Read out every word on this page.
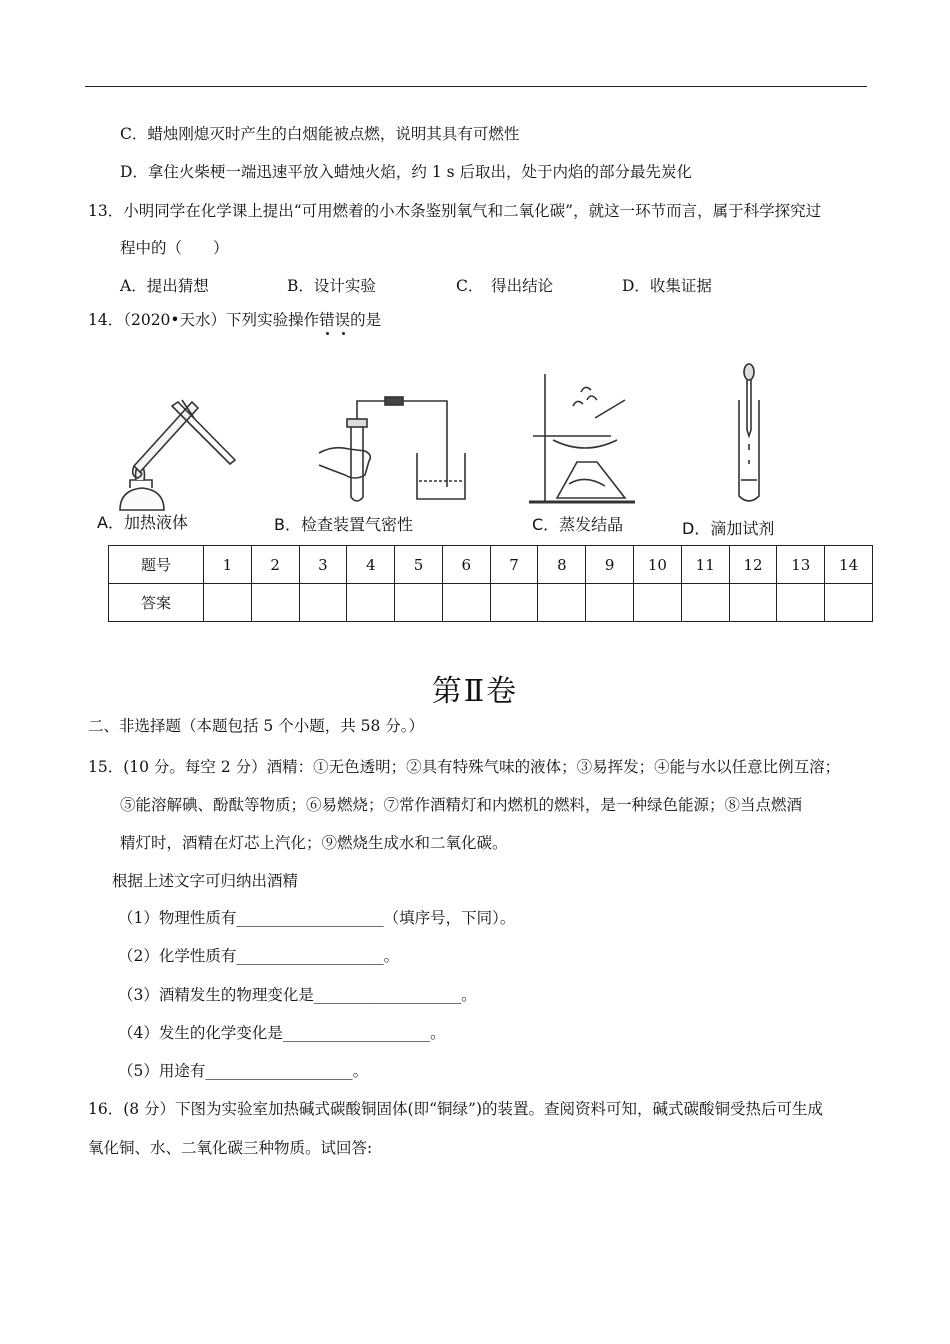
C．蜡烛刚熄灭时产生的白烟能被点燃，说明其具有可燃性
D．拿住火柴梗一端迅速平放入蜡烛火焰，约 1 s 后取出，处于内焰的部分最先炭化
13．小明同学在化学课上提出“可用燃着的小木条鉴别氧气和二氧化碳”，就这一环节而言，属于科学探究过
程中的（　　）
A．提出猜想	B．设计实验	C．　得出结论	D．收集证据
14．（2020•天水）下列实验操作错误的是
A．加热液体	B．检查装置气密性	C．蒸发结晶	D．滴加试剂
题号	1	2	3	4	5	6	7	8	9	10	11	12	13	14
答案														
第Ⅱ卷
二、非选择题（本题包括 5 个小题，共 58 分。）
15．(10 分。每空 2 分）酒精：①无色透明；②具有特殊气味的液体；③易挥发；④能与水以任意比例互溶；
⑤能溶解碘、酚酞等物质；⑥易燃烧；⑦常作酒精灯和内燃机的燃料，是一种绿色能源；⑧当点燃酒
精灯时，酒精在灯芯上汽化；⑨燃烧生成水和二氧化碳。
根据上述文字可归纳出酒精
（1）物理性质有___________________（填序号，下同）。
（2）化学性质有___________________。
（3）酒精发生的物理变化是___________________。
（4）发生的化学变化是___________________。
（5）用途有___________________。
16．(8 分）下图为实验室加热碱式碳酸铜固体(即“铜绿”)的装置。查阅资料可知，碱式碳酸铜受热后可生成
氧化铜、水、二氧化碳三种物质。试回答:
